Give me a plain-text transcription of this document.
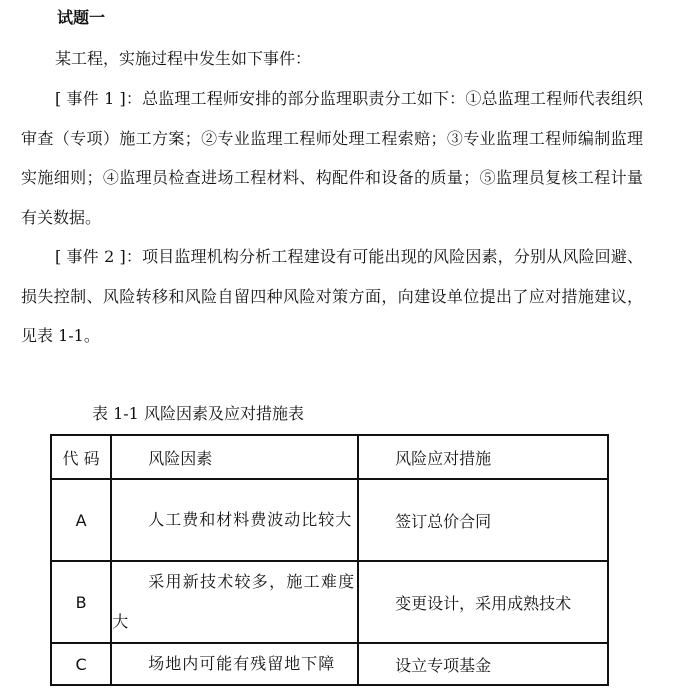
试题一

某工程，实施过程中发生如下事件：

[ 事件 1 ]：总监理工程师安排的部分监理职责分工如下：①总监理工程师代表组织审查（专项）施工方案；②专业监理工程师处理工程索赔；③专业监理工程师编制监理实施细则；④监理员检查进场工程材料、构配件和设备的质量；⑤监理员复核工程计量有关数据。

[ 事件 2 ]：项目监理机构分析工程建设有可能出现的风险因素，分别从风险回避、损失控制、风险转移和风险自留四种风险对策方面，向建设单位提出了应对措施建议，见表 1-1。

表 1-1 风险因素及应对措施表
代 码	风险因素	风险应对措施
A	人工费和材料费波动比较大	签订总价合同
B	采用新技术较多，施工难度大	变更设计，采用成熟技术
C	场地内可能有残留地下障	设立专项基金
